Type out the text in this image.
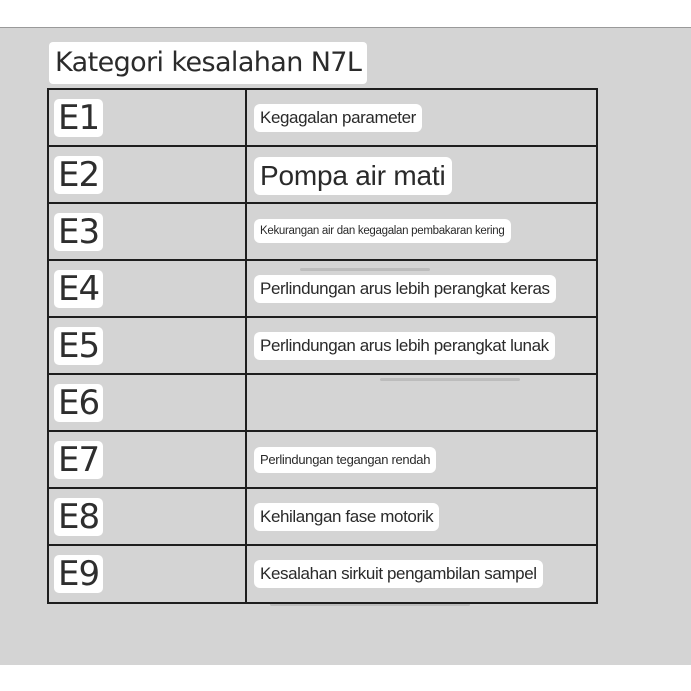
Kategori kesalahan N7L
E1	Kegagalan parameter
E2	Pompa air mati
E3	Kekurangan air dan kegagalan pembakaran kering
E4	Perlindungan arus lebih perangkat keras
E5	Perlindungan arus lebih perangkat lunak
E6
E7	Perlindungan tegangan rendah
E8	Kehilangan fase motorik
E9	Kesalahan sirkuit pengambilan sampel
